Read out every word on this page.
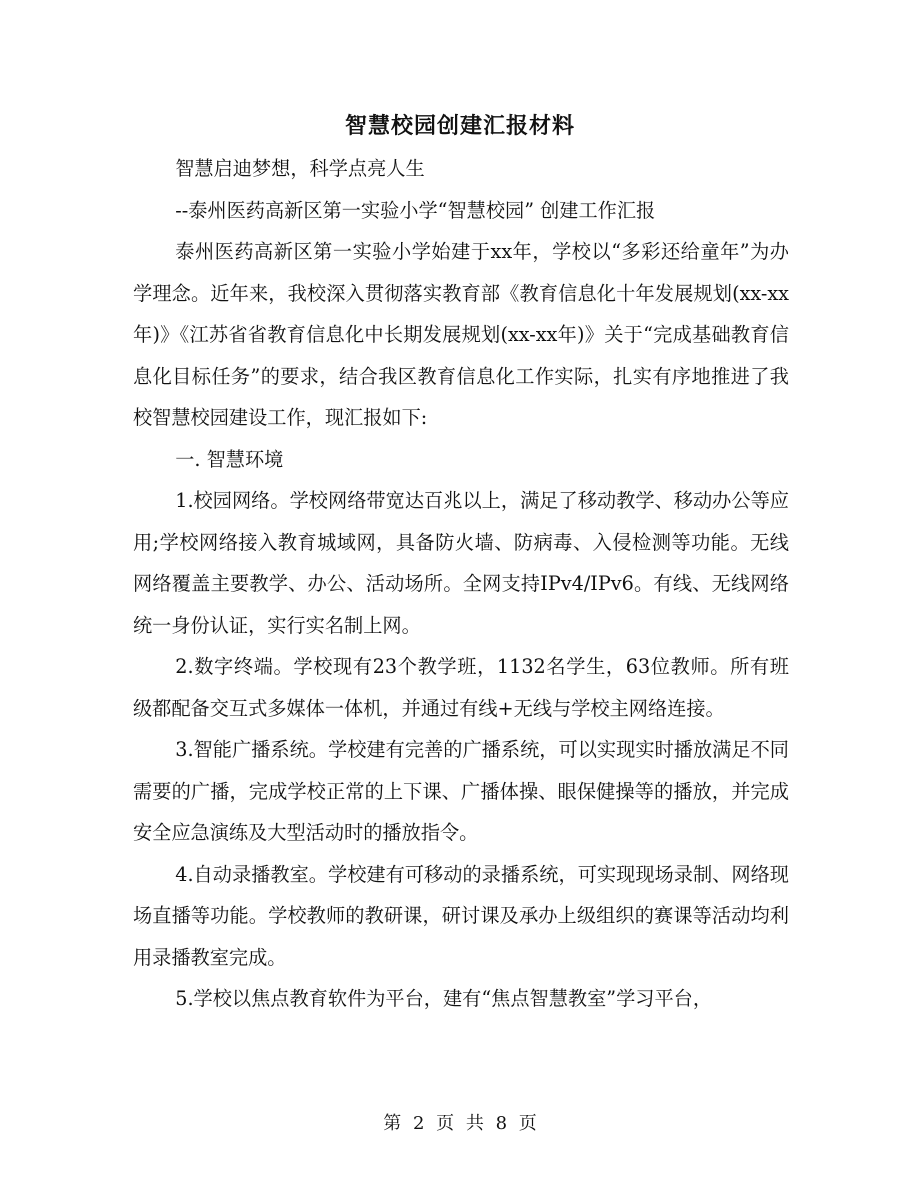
智慧校园创建汇报材料

智慧启迪梦想，科学点亮人生

--泰州医药高新区第一实验小学“智慧校园” 创建工作汇报

泰州医药高新区第一实验小学始建于xx年，学校以“多彩还给童年”为办学理念。近年来，我校深入贯彻落实教育部《教育信息化十年发展规划(xx-xx年)》《江苏省省教育信息化中长期发展规划(xx-xx年)》关于“完成基础教育信息化目标任务”的要求，结合我区教育信息化工作实际，扎实有序地推进了我校智慧校园建设工作，现汇报如下:

一. 智慧环境

1.校园网络。学校网络带宽达百兆以上，满足了移动教学、移动办公等应用;学校网络接入教育城域网，具备防火墙、防病毒、入侵检测等功能。无线网络覆盖主要教学、办公、活动场所。全网支持IPv4/IPv6。有线、无线网络统一身份认证，实行实名制上网。

2.数字终端。学校现有23个教学班，1132名学生，63位教师。所有班级都配备交互式多媒体一体机，并通过有线+无线与学校主网络连接。

3.智能广播系统。学校建有完善的广播系统，可以实现实时播放满足不同需要的广播，完成学校正常的上下课、广播体操、眼保健操等的播放，并完成安全应急演练及大型活动时的播放指令。

4.自动录播教室。学校建有可移动的录播系统，可实现现场录制、网络现场直播等功能。学校教师的教研课，研讨课及承办上级组织的赛课等活动均利用录播教室完成。

5.学校以焦点教育软件为平台，建有“焦点智慧教室”学习平台，

第 2 页 共 8 页
